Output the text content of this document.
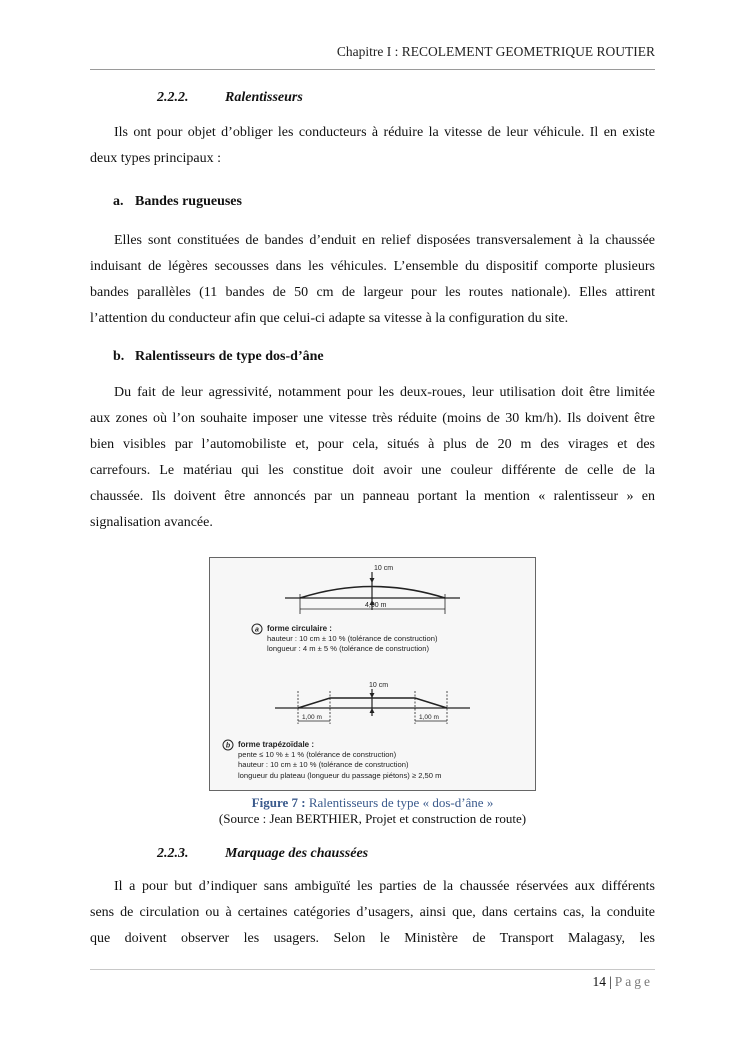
Chapitre I : RECOLEMENT GEOMETRIQUE ROUTIER
2.2.2.	Ralentisseurs
Ils ont pour objet d’obliger les conducteurs à réduire la vitesse de leur véhicule. Il en existe
deux types principaux :
a. Bandes rugueuses
Elles sont constituées de bandes d’enduit en relief disposées transversalement à la chaussée
induisant de légères secousses dans les véhicules. L’ensemble du dispositif comporte plusieurs
bandes parallèles (11 bandes de 50 cm de largeur pour les routes nationale). Elles attirent
l’attention du conducteur afin que celui-ci adapte sa vitesse à la configuration du site.
b. Ralentisseurs de type dos-d’âne
Du fait de leur agressivité, notamment pour les deux-roues, leur utilisation doit être limitée
aux zones où l’on souhaite imposer une vitesse très réduite (moins de 30 km/h). Ils doivent être
bien visibles par l’automobiliste et, pour cela, situés à plus de 20 m des virages et des
carrefours. Le matériau qui les constitue doit avoir une couleur différente de celle de la
chaussée. Ils doivent être annoncés par un panneau portant la mention « ralentisseur » en
signalisation avancée.
10 cm
4,00 m
a forme circulaire :
hauteur : 10 cm ± 10 % (tolérance de construction)
longueur : 4 m ± 5 % (tolérance de construction)
10 cm
1,00 m	1,00 m
b forme trapézoïdale :
pente ≤ 10 % ± 1 % (tolérance de construction)
hauteur : 10 cm ± 10 % (tolérance de construction)
longueur du plateau (longueur du passage piétons) ≥ 2,50 m
Figure 7 : Ralentisseurs de type « dos-d’âne »
(Source : Jean BERTHIER, Projet et construction de route)
2.2.3.	Marquage des chaussées
Il a pour but d’indiquer sans ambiguïté les parties de la chaussée réservées aux différents
sens de circulation ou à certaines catégories d’usagers, ainsi que, dans certains cas, la conduite
que doivent observer les usagers. Selon le Ministère de Transport Malagasy, les
14 | Page
